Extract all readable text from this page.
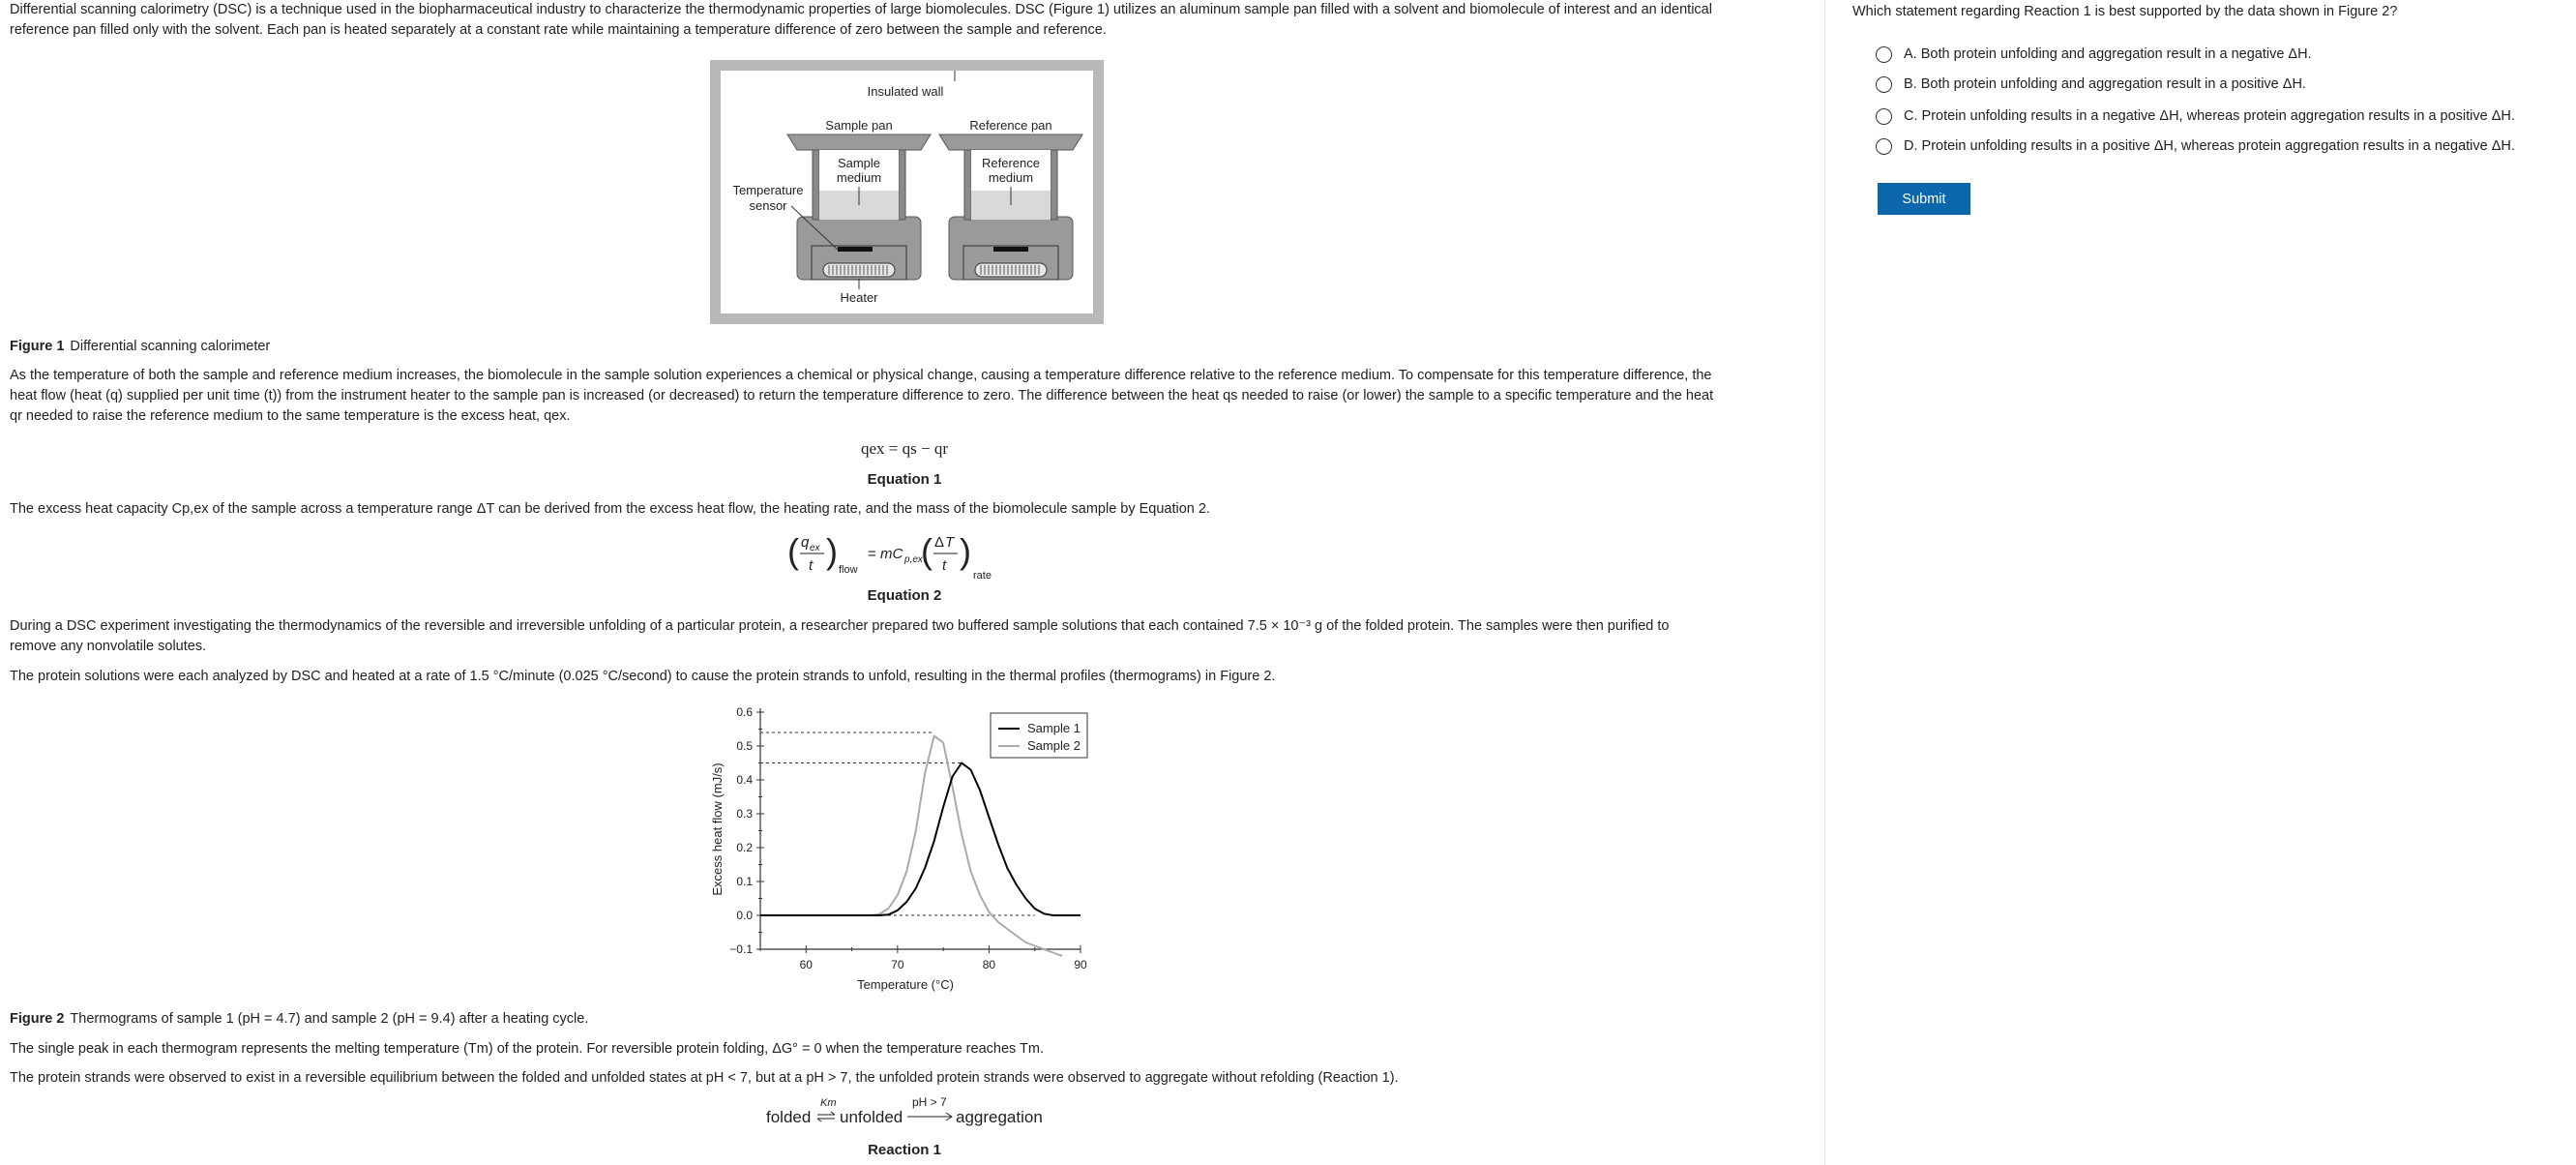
Differential scanning calorimetry (DSC) is a technique used in the biopharmaceutical industry to characterize the thermodynamic properties of large biomolecules. DSC (Figure 1) utilizes an aluminum sample pan filled with a solvent and biomolecule of interest and an identical

reference pan filled only with the solvent. Each pan is heated separately at a constant rate while maintaining a temperature difference of zero between the sample and reference.

Insulated wall
Sample pan	Reference pan
Sample
medium
Reference
medium
Temperature
sensor
Heater
Figure 1 Differential scanning calorimeter

As the temperature of both the sample and reference medium increases, the biomolecule in the sample solution experiences a chemical or physical change, causing a temperature difference relative to the reference medium. To compensate for this temperature difference, the

heat flow (heat (q) supplied per unit time (t)) from the instrument heater to the sample pan is increased (or decreased) to return the temperature difference to zero. The difference between the heat qs needed to raise (or lower) the sample to a specific temperature and the heat

qr needed to raise the reference medium to the same temperature is the excess heat, qex.

qex = qs − qr
Equation 1

The excess heat capacity Cp,ex of the sample across a temperature range ΔT can be derived from the excess heat flow, the heating rate, and the mass of the biomolecule sample by Equation 2.

( q ex
t ) flow
= mC p,ex
( Δ T
t )
rate
Equation 2

During a DSC experiment investigating the thermodynamics of the reversible and irreversible unfolding of a particular protein, a researcher prepared two buffered sample solutions that each contained 7.5 × 10⁻³ g of the folded protein. The samples were then purified to

remove any nonvolatile solutes.

The protein solutions were each analyzed by DSC and heated at a rate of 1.5 °C/minute (0.025 °C/second) to cause the protein strands to unfold, resulting in the thermal profiles (thermograms) in Figure 2.

−0.1
0.0
0.1
0.2
0.3
0.4
0.5
0.6
60	70	80	90
Sample 1
Sample 2
Temperature (°C)
Excess heat flow (mJ/s)
Figure 2 Thermograms of sample 1 (pH = 4.7) and sample 2 (pH = 9.4) after a heating cycle.

The single peak in each thermogram represents the melting temperature (Tm) of the protein. For reversible protein folding, ΔG° = 0 when the temperature reaches Tm.

The protein strands were observed to exist in a reversible equilibrium between the folded and unfolded states at pH < 7, but at a pH > 7, the unfolded protein strands were observed to aggregate without refolding (Reaction 1).

folded
Km
unfolded
pH > 7
aggregation
Reaction 1
Which statement regarding Reaction 1 is best supported by the data shown in Figure 2?
A. Both protein unfolding and aggregation result in a negative ΔH.
B. Both protein unfolding and aggregation result in a positive ΔH.
C. Protein unfolding results in a negative ΔH, whereas protein aggregation results in a positive ΔH.
D. Protein unfolding results in a positive ΔH, whereas protein aggregation results in a negative ΔH.
Submit
